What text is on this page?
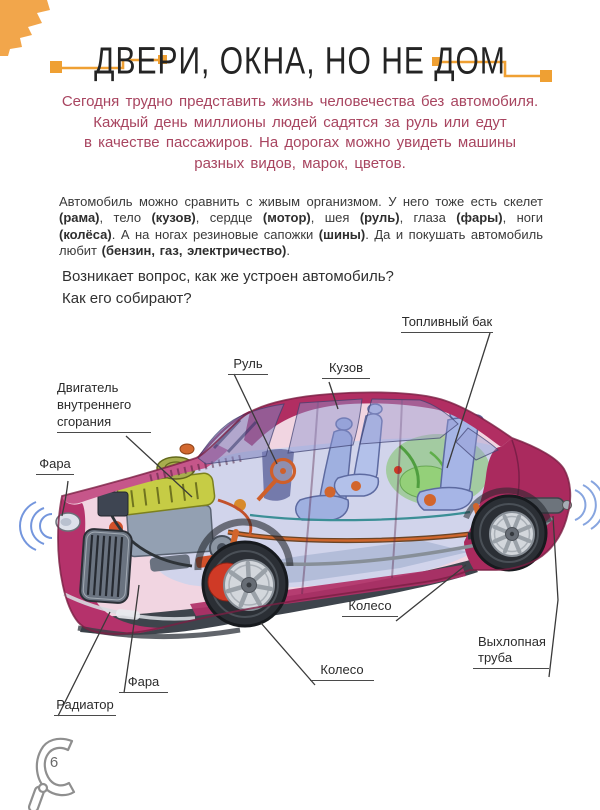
ДВЕРИ, ОКНА, НО НЕ ДОМ
Сегодня трудно представить жизнь человечества без автомобиля.
Каждый день миллионы людей садятся за руль или едут
в качестве пассажиров. На дорогах можно увидеть машины
разных видов, марок, цветов.

Автомобиль можно сравнить с живым организмом. У него тоже есть скелет (рама), тело (кузов), сердце (мотор), шея (руль), глаза (фары), ноги (колёса). А на ногах резиновые сапожки (шины). Да и покушать автомобиль любит (бензин, газ, электричество).

Возникает вопрос, как же устроен автомобиль?
Как его собирают?
Топливный бак
Руль	Кузов
Двигатель внутреннего сгорания
Фара
Колесо
Выхлопная труба
Колесо
Фара
Радиатор
6
